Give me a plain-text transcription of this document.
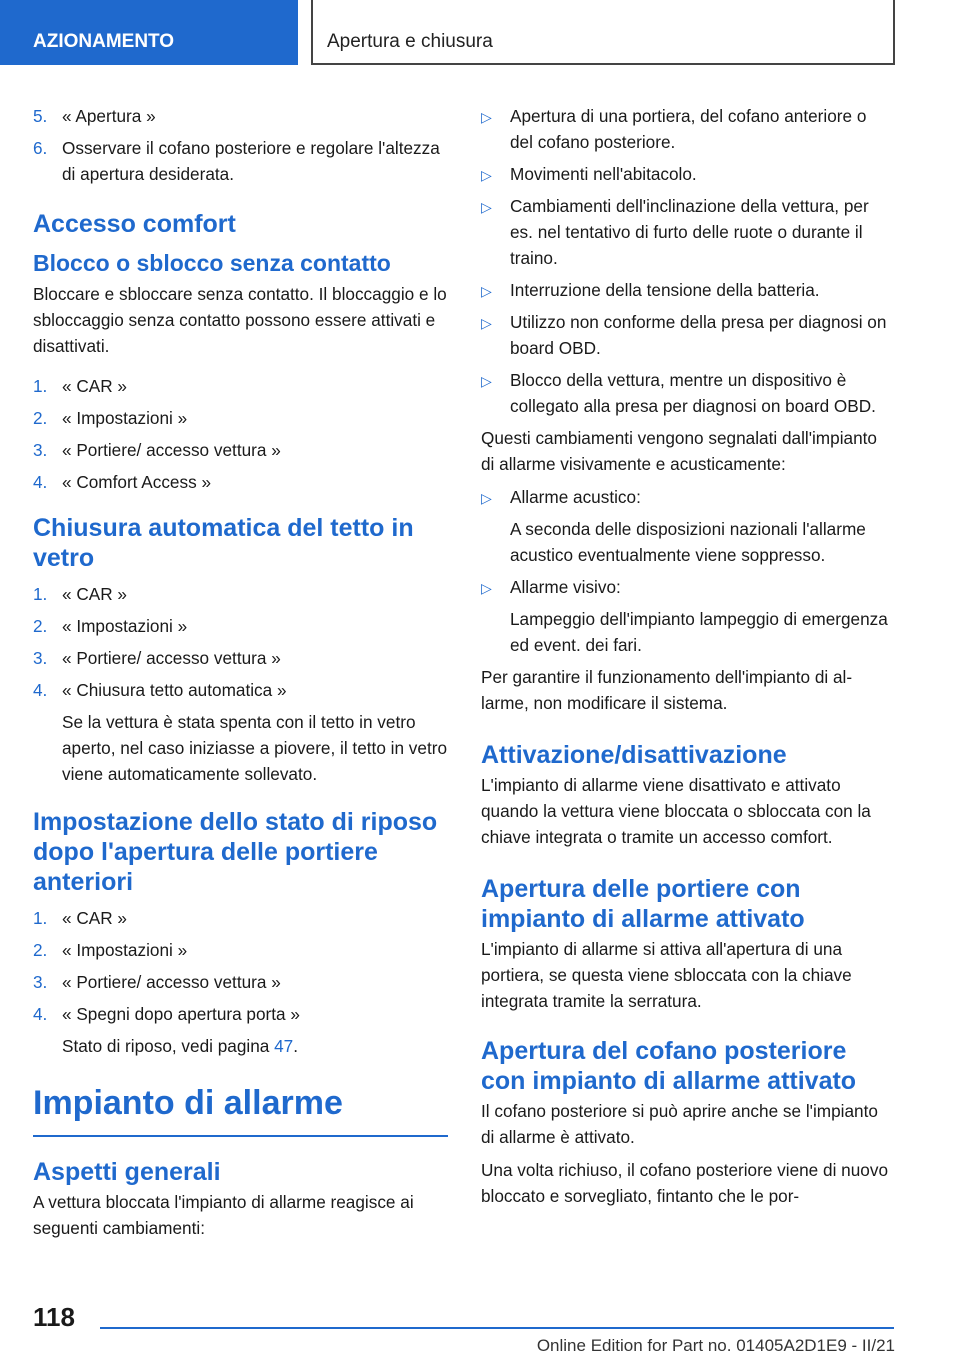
AZIONAMENTO	Apertura e chiusura
5. « Apertura »
6. Osservare il cofano posteriore e regolare l'altezza di apertura desiderata.
Accesso comfort
Blocco o sblocco senza contatto

Bloccare e sbloccare senza contatto. Il bloccaggio e lo sbloccaggio senza contatto possono essere attivati e disattivati.

1. « CAR »
2. « Impostazioni »
3. « Portiere/ accesso vettura »
4. « Comfort Access »
Chiusura automatica del tetto in vetro
1. « CAR »
2. « Impostazioni »
3. « Portiere/ accesso vettura »
4. « Chiusura tetto automatica »
Se la vettura è stata spenta con il tetto in vetro aperto, nel caso iniziasse a piovere, il tetto in vetro viene automaticamente sollevato.
Impostazione dello stato di riposo dopo l'apertura delle portiere anteriori
1. « CAR »
2. « Impostazioni »
3. « Portiere/ accesso vettura »
4. « Spegni dopo apertura porta »
Stato di riposo, vedi pagina 47.
Impianto di allarme
Aspetti generali

A vettura bloccata l'impianto di allarme reagisce ai seguenti cambiamenti:

▷ Apertura di una portiera, del cofano anteriore o del cofano posteriore.
▷ Movimenti nell'abitacolo.
▷ Cambiamenti dell'inclinazione della vettura, per es. nel tentativo di furto delle ruote o durante il traino.
▷ Interruzione della tensione della batteria.
▷ Utilizzo non conforme della presa per diagnosi on board OBD.
▷ Blocco della vettura, mentre un dispositivo è collegato alla presa per diagnosi on board OBD.

Questi cambiamenti vengono segnalati dall'impianto di allarme visivamente e acusticamente:

▷ Allarme acustico:
A seconda delle disposizioni nazionali l'allarme acustico eventualmente viene soppresso.
▷ Allarme visivo:
Lampeggio dell'impianto lampeggio di emergenza ed event. dei fari.

Per garantire il funzionamento dell'impianto di allarme, non modificare il sistema.

Attivazione/disattivazione

L'impianto di allarme viene disattivato e attivato quando la vettura viene bloccata o sbloccata con la chiave integrata o tramite un accesso comfort.

Apertura delle portiere con impianto di allarme attivato

L'impianto di allarme si attiva all'apertura di una portiera, se questa viene sbloccata con la chiave integrata tramite la serratura.

Apertura del cofano posteriore con impianto di allarme attivato

Il cofano posteriore si può aprire anche se l'impianto di allarme è attivato.

Una volta richiuso, il cofano posteriore viene di nuovo bloccato e sorvegliato, fintanto che le por-

118
Online Edition for Part no. 01405A2D1E9 - II/21
